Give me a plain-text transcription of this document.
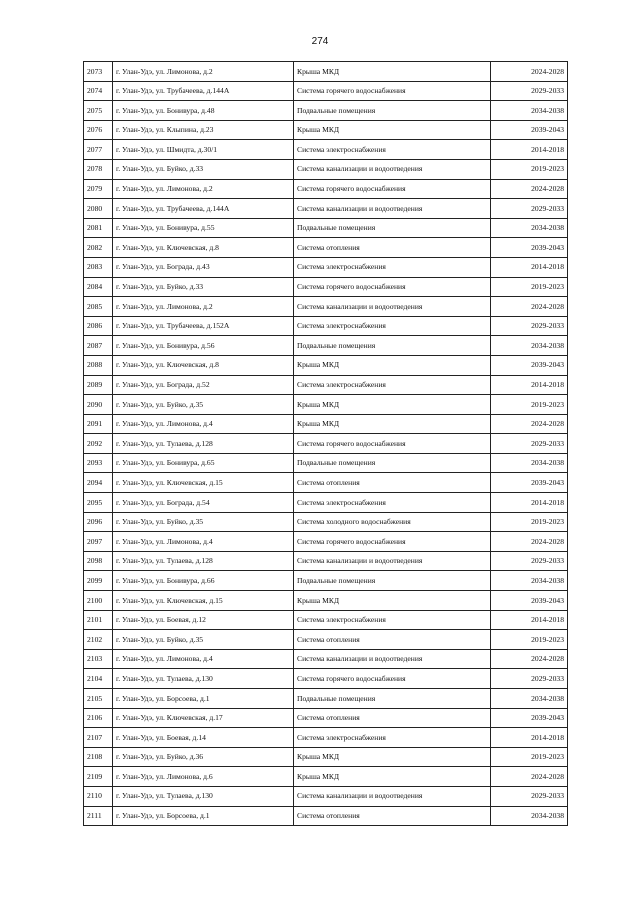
274
2073	г. Улан-Удэ, ул. Лимонова, д.2	Крыша МКД	2024-2028
2074	г. Улан-Удэ, ул. Трубачеева, д.144А	Система горячего водоснабжения	2029-2033
2075	г. Улан-Удэ, ул. Бонивура, д.48	Подвальные помещения	2034-2038
2076	г. Улан-Удэ, ул. Клыпина, д.23	Крыша МКД	2039-2043
2077	г. Улан-Удэ, ул. Шмидта, д.30/1	Система электроснабжения	2014-2018
2078	г. Улан-Удэ, ул. Буйко, д.33	Система канализации и водоотведения	2019-2023
2079	г. Улан-Удэ, ул. Лимонова, д.2	Система горячего водоснабжения	2024-2028
2080	г. Улан-Удэ, ул. Трубачеева, д.144А	Система канализации и водоотведения	2029-2033
2081	г. Улан-Удэ, ул. Бонивура, д.55	Подвальные помещения	2034-2038
2082	г. Улан-Удэ, ул. Ключевская, д.8	Система отопления	2039-2043
2083	г. Улан-Удэ, ул. Бограда, д.43	Система электроснабжения	2014-2018
2084	г. Улан-Удэ, ул. Буйко, д.33	Система горячего водоснабжения	2019-2023
2085	г. Улан-Удэ, ул. Лимонова, д.2	Система канализации и водоотведения	2024-2028
2086	г. Улан-Удэ, ул. Трубачеева, д.152А	Система электроснабжения	2029-2033
2087	г. Улан-Удэ, ул. Бонивура, д.56	Подвальные помещения	2034-2038
2088	г. Улан-Удэ, ул. Ключевская, д.8	Крыша МКД	2039-2043
2089	г. Улан-Удэ, ул. Бограда, д.52	Система электроснабжения	2014-2018
2090	г. Улан-Удэ, ул. Буйко, д.35	Крыша МКД	2019-2023
2091	г. Улан-Удэ, ул. Лимонова, д.4	Крыша МКД	2024-2028
2092	г. Улан-Удэ, ул. Тулаева, д.128	Система горячего водоснабжения	2029-2033
2093	г. Улан-Удэ, ул. Бонивура, д.65	Подвальные помещения	2034-2038
2094	г. Улан-Удэ, ул. Ключевская, д.15	Система отопления	2039-2043
2095	г. Улан-Удэ, ул. Бограда, д.54	Система электроснабжения	2014-2018
2096	г. Улан-Удэ, ул. Буйко, д.35	Система холодного водоснабжения	2019-2023
2097	г. Улан-Удэ, ул. Лимонова, д.4	Система горячего водоснабжения	2024-2028
2098	г. Улан-Удэ, ул. Тулаева, д.128	Система канализации и водоотведения	2029-2033
2099	г. Улан-Удэ, ул. Бонивура, д.66	Подвальные помещения	2034-2038
2100	г. Улан-Удэ, ул. Ключевская, д.15	Крыша МКД	2039-2043
2101	г. Улан-Удэ, ул. Боевая, д.12	Система электроснабжения	2014-2018
2102	г. Улан-Удэ, ул. Буйко, д.35	Система отопления	2019-2023
2103	г. Улан-Удэ, ул. Лимонова, д.4	Система канализации и водоотведения	2024-2028
2104	г. Улан-Удэ, ул. Тулаева, д.130	Система горячего водоснабжения	2029-2033
2105	г. Улан-Удэ, ул. Борсоева, д.1	Подвальные помещения	2034-2038
2106	г. Улан-Удэ, ул. Ключевская, д.17	Система отопления	2039-2043
2107	г. Улан-Удэ, ул. Боевая, д.14	Система электроснабжения	2014-2018
2108	г. Улан-Удэ, ул. Буйко, д.36	Крыша МКД	2019-2023
2109	г. Улан-Удэ, ул. Лимонова, д.6	Крыша МКД	2024-2028
2110	г. Улан-Удэ, ул. Тулаева, д.130	Система канализации и водоотведения	2029-2033
2111	г. Улан-Удэ, ул. Борсоева, д.1	Система отопления	2034-2038
